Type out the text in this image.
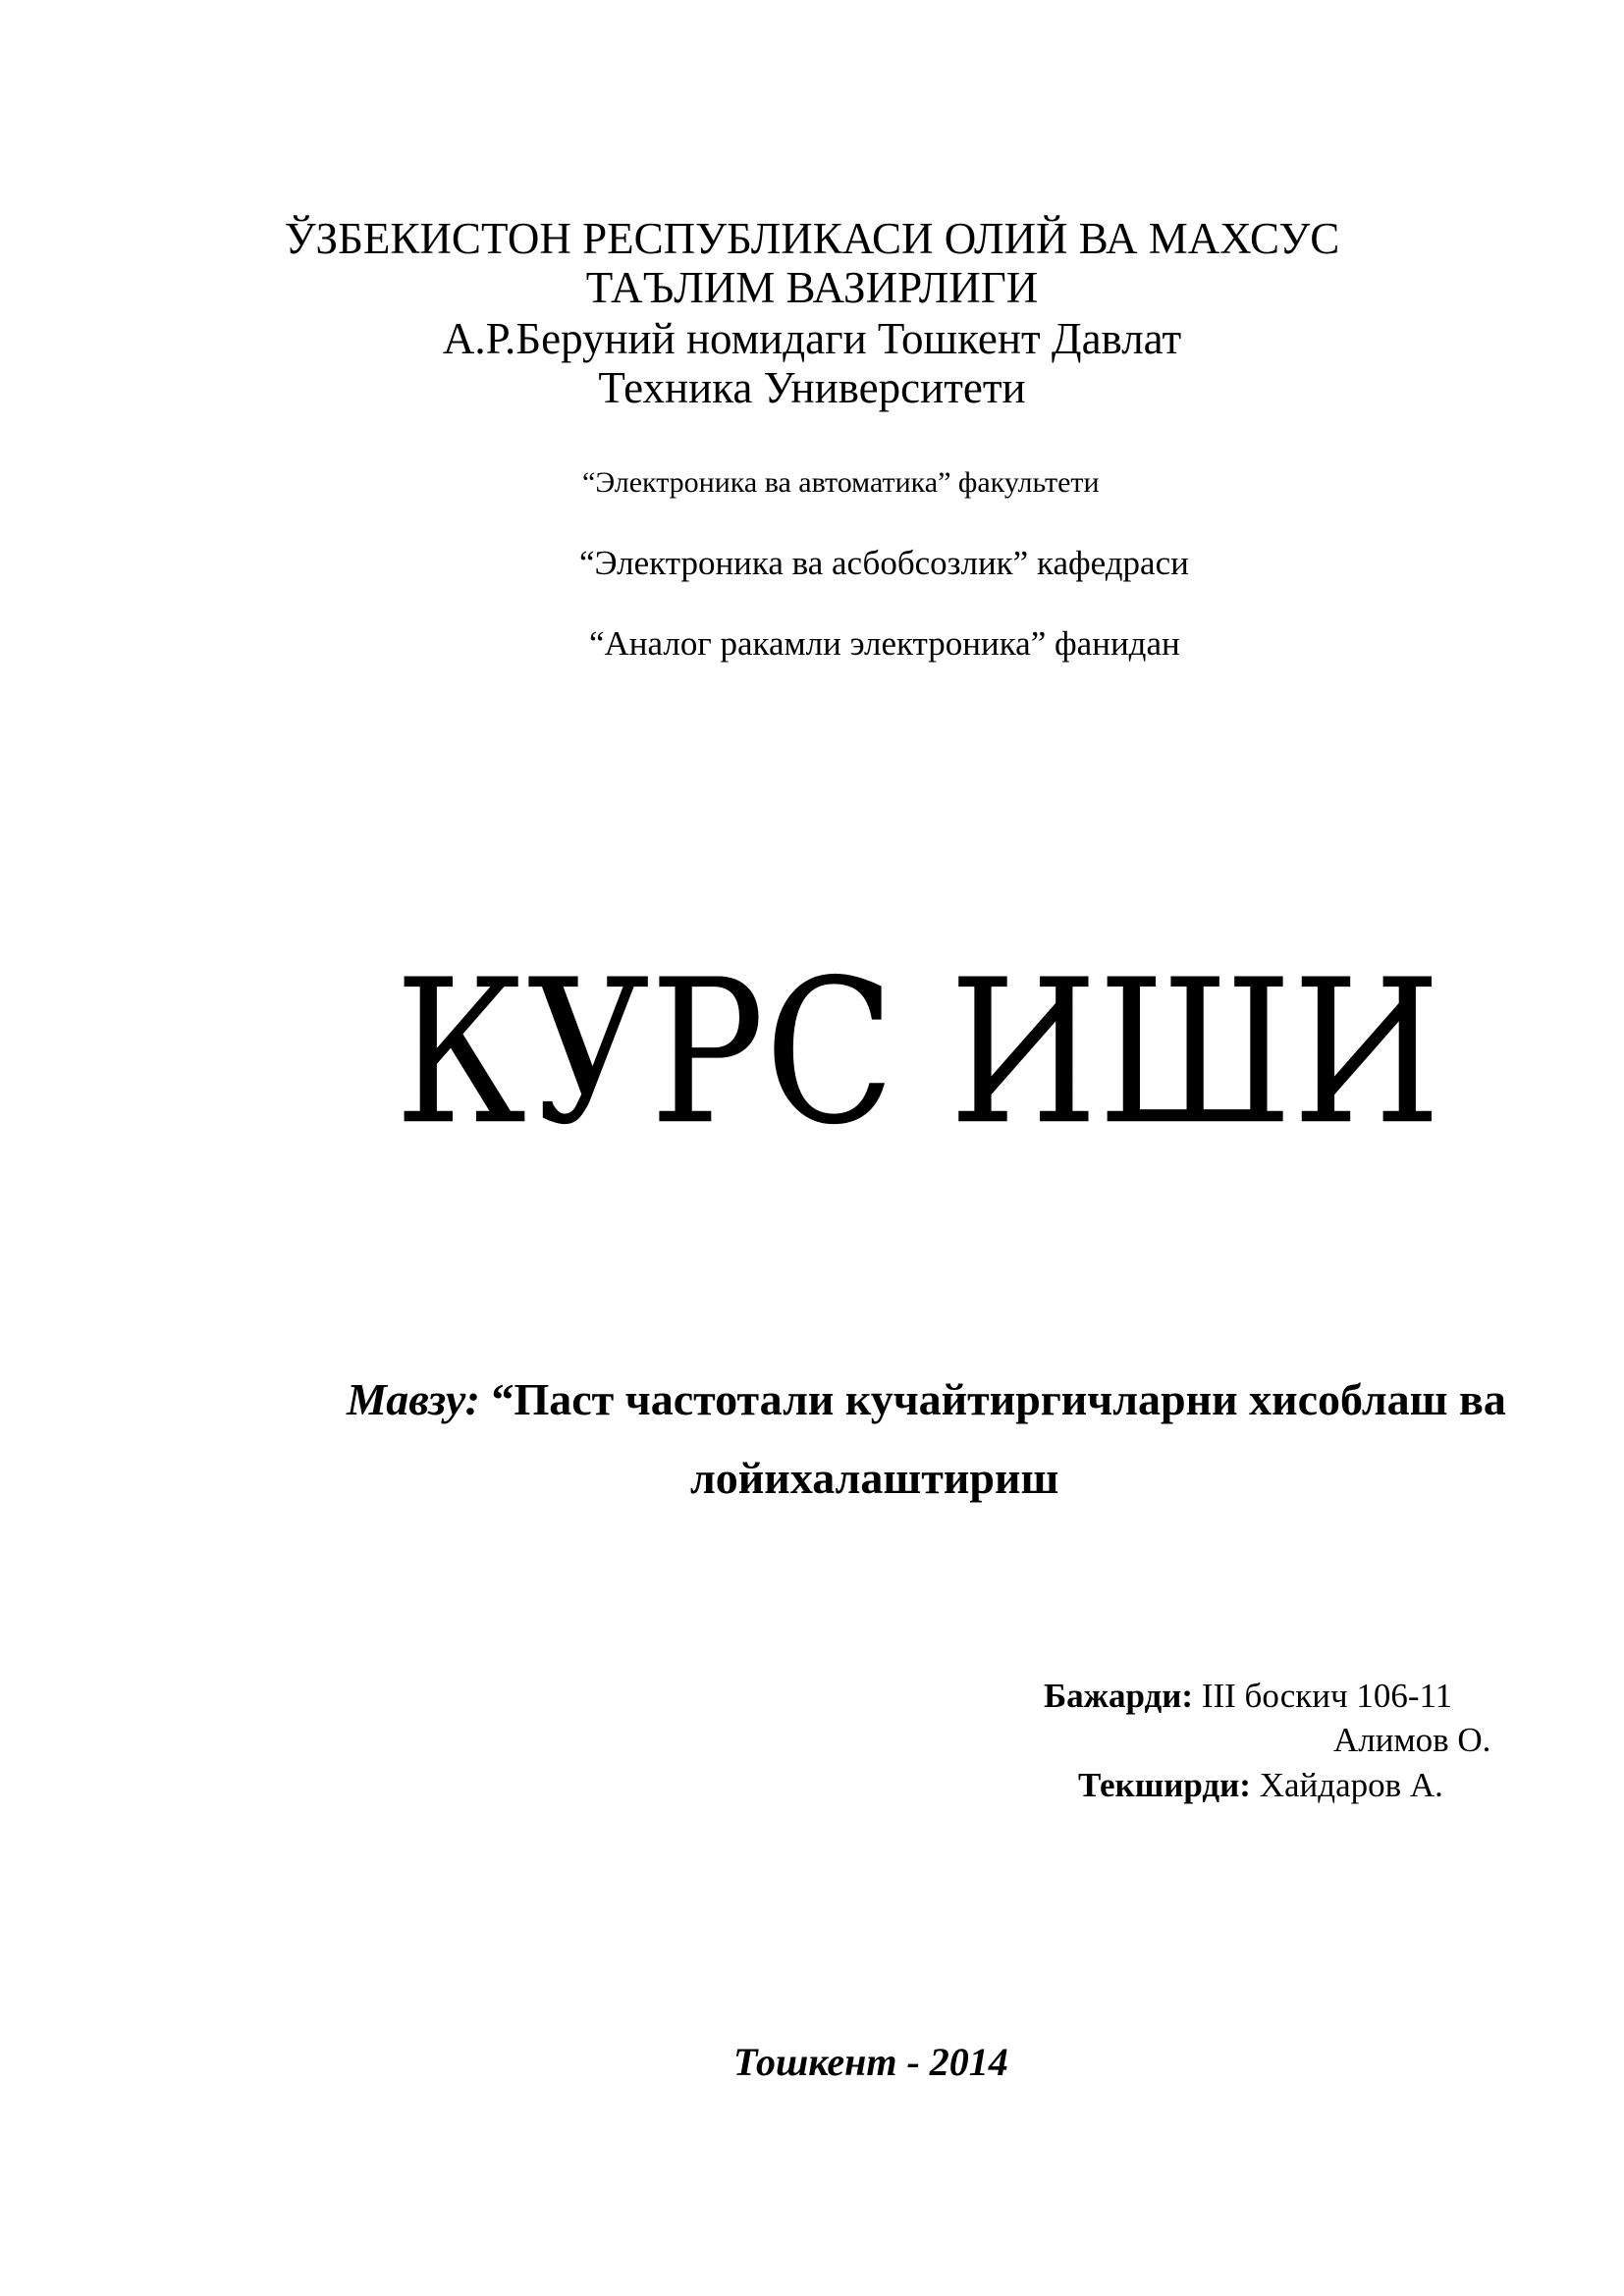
ЎЗБЕКИСТОН РЕСПУБЛИКАСИ ОЛИЙ ВА МАХСУС
ТАЪЛИМ ВАЗИРЛИГИ
А.Р.Беруний номидаги Тошкент Давлат
Техника Университети
“Электроника ва автоматика” факультети
“Электроника ва асбобсозлик” кафедраси
“Аналог ракамли электроника” фанидан
КУРС ИШИ
Мавзу: “Паст частотали кучайтиргичларни хисоблаш ва
лойихалаштириш
Бажарди: III боскич 106-11
Алимов О.
Текширди: Хайдаров А.
Тошкент - 2014
